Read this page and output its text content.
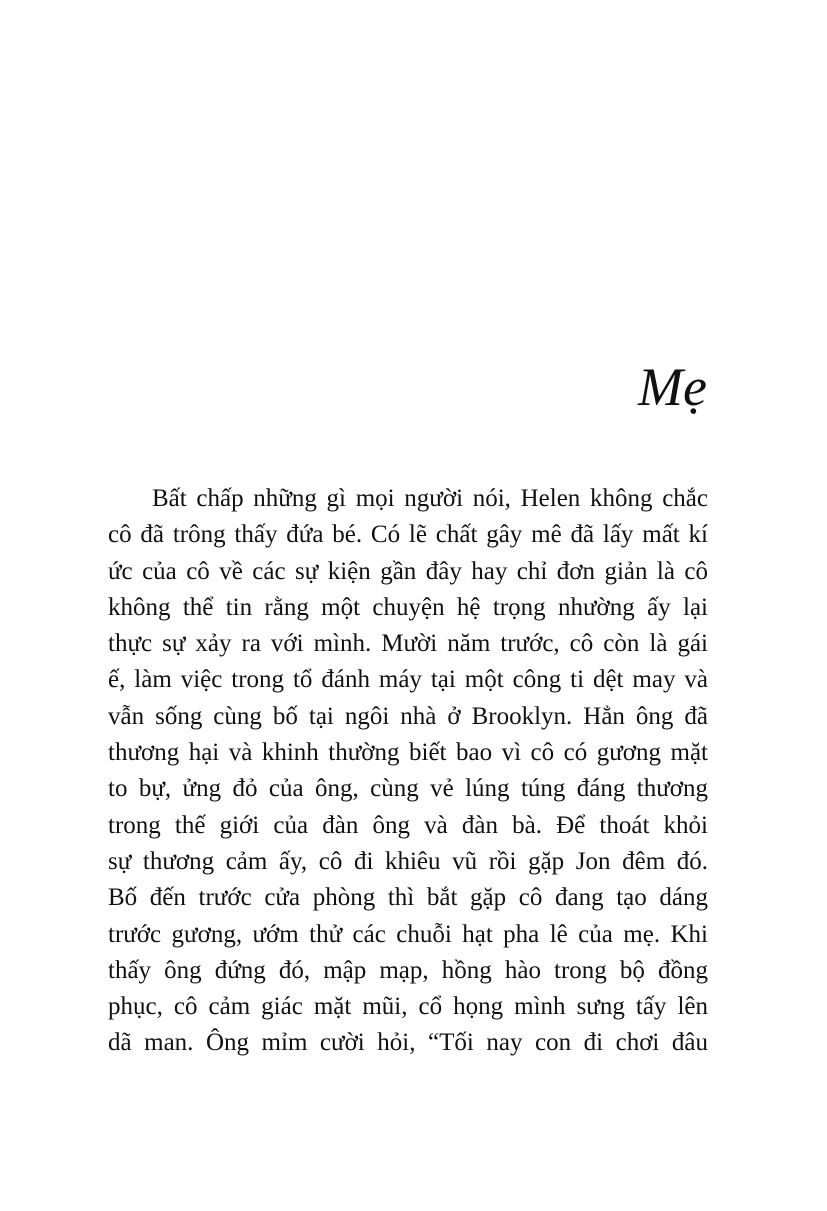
Mẹ
Bất chấp những gì mọi người nói, Helen không chắc
cô đã trông thấy đứa bé. Có lẽ chất gây mê đã lấy mất kí
ức của cô về các sự kiện gần đây hay chỉ đơn giản là cô
không thể tin rằng một chuyện hệ trọng nhường ấy lại
thực sự xảy ra với mình. Mười năm trước, cô còn là gái
ế, làm việc trong tổ đánh máy tại một công ti dệt may và
vẫn sống cùng bố tại ngôi nhà ở Brooklyn. Hẳn ông đã
thương hại và khinh thường biết bao vì cô có gương mặt
to bự, ửng đỏ của ông, cùng vẻ lúng túng đáng thương
trong thế giới của đàn ông và đàn bà. Để thoát khỏi
sự thương cảm ấy, cô đi khiêu vũ rồi gặp Jon đêm đó.
Bố đến trước cửa phòng thì bắt gặp cô đang tạo dáng
trước gương, ướm thử các chuỗi hạt pha lê của mẹ. Khi
thấy ông đứng đó, mập mạp, hồng hào trong bộ đồng
phục, cô cảm giác mặt mũi, cổ họng mình sưng tấy lên
dã man. Ông mỉm cười hỏi, “Tối nay con đi chơi đâu
